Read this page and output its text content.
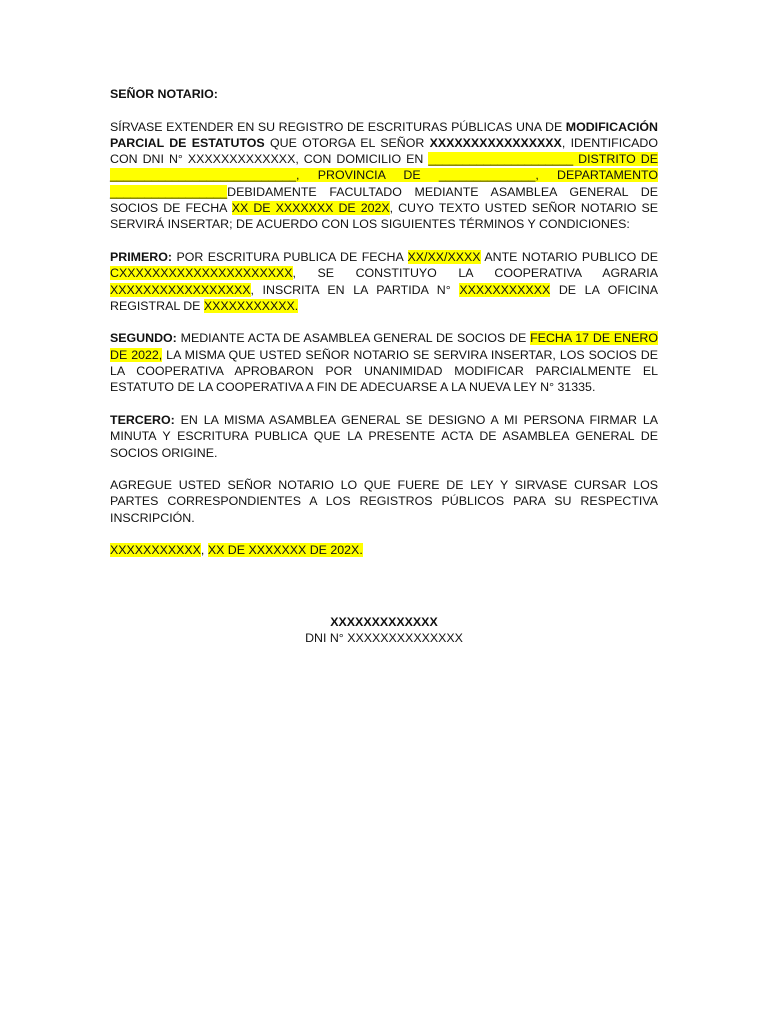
SEÑOR NOTARIO:

SÍRVASE EXTENDER EN SU REGISTRO DE ESCRITURAS PÚBLICAS UNA DE MODIFICACIÓN PARCIAL DE ESTATUTOS QUE OTORGA EL SEÑOR XXXXXXXXXXXXXXXX, IDENTIFICADO CON DNI N° XXXXXXXXXXXXX, CON DOMICILIO EN _____________________ DISTRITO DE ___________________________, PROVINCIA DE ______________, DEPARTAMENTO _________________DEBIDAMENTE FACULTADO MEDIANTE ASAMBLEA GENERAL DE SOCIOS DE FECHA XX DE XXXXXXX DE 202X, CUYO TEXTO USTED SEÑOR NOTARIO SE SERVIRÁ INSERTAR; DE ACUERDO CON LOS SIGUIENTES TÉRMINOS Y CONDICIONES:

PRIMERO: POR ESCRITURA PUBLICA DE FECHA XX/XX/XXXX ANTE NOTARIO PUBLICO DE CXXXXXXXXXXXXXXXXXXXXX, SE CONSTITUYO LA COOPERATIVA AGRARIA XXXXXXXXXXXXXXXXX, INSCRITA EN LA PARTIDA N° XXXXXXXXXXX DE LA OFICINA REGISTRAL DE XXXXXXXXXXX.

SEGUNDO: MEDIANTE ACTA DE ASAMBLEA GENERAL DE SOCIOS DE FECHA 17 DE ENERO DE 2022, LA MISMA QUE USTED SEÑOR NOTARIO SE SERVIRA INSERTAR, LOS SOCIOS DE LA COOPERATIVA APROBARON POR UNANIMIDAD MODIFICAR PARCIALMENTE EL ESTATUTO DE LA COOPERATIVA A FIN DE ADECUARSE A LA NUEVA LEY N° 31335.

TERCERO: EN LA MISMA ASAMBLEA GENERAL SE DESIGNO A MI PERSONA FIRMAR LA MINUTA Y ESCRITURA PUBLICA QUE LA PRESENTE ACTA DE ASAMBLEA GENERAL DE SOCIOS ORIGINE.

AGREGUE USTED SEÑOR NOTARIO LO QUE FUERE DE LEY Y SIRVASE CURSAR LOS PARTES CORRESPONDIENTES A LOS REGISTROS PÚBLICOS PARA SU RESPECTIVA INSCRIPCIÓN.

XXXXXXXXXXX, XX DE XXXXXXX DE 202X.

XXXXXXXXXXXXX
DNI N° XXXXXXXXXXXXXX
